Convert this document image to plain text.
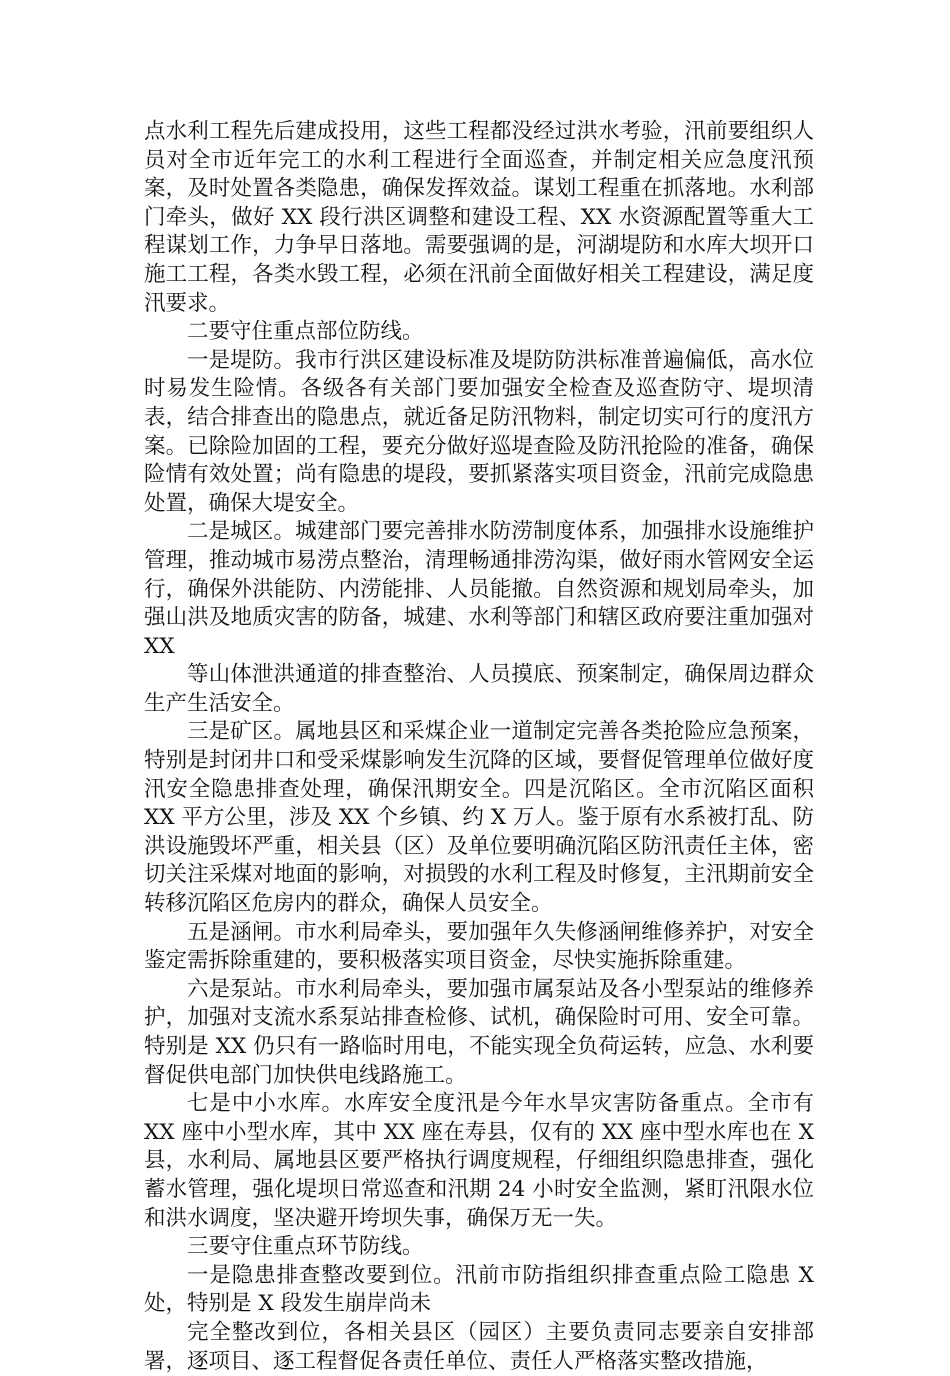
点水利工程先后建成投用，这些工程都没经过洪水考验，汛前要组织人员对全市近年完工的水利工程进行全面巡查，并制定相关应急度汛预案，及时处置各类隐患，确保发挥效益。谋划工程重在抓落地。水利部门牵头，做好 XX 段行洪区调整和建设工程、XX 水资源配置等重大工程谋划工作，力争早日落地。需要强调的是，河湖堤防和水库大坝开口施工工程，各类水毁工程，必须在汛前全面做好相关工程建设，满足度汛要求。

二要守住重点部位防线。

一是堤防。我市行洪区建设标准及堤防防洪标准普遍偏低，高水位时易发生险情。各级各有关部门要加强安全检查及巡查防守、堤坝清表，结合排查出的隐患点，就近备足防汛物料，制定切实可行的度汛方案。已除险加固的工程，要充分做好巡堤查险及防汛抢险的准备，确保险情有效处置；尚有隐患的堤段，要抓紧落实项目资金，汛前完成隐患处置，确保大堤安全。

二是城区。城建部门要完善排水防涝制度体系，加强排水设施维护管理，推动城市易涝点整治，清理畅通排涝沟渠，做好雨水管网安全运行，确保外洪能防、内涝能排、人员能撤。自然资源和规划局牵头，加强山洪及地质灾害的防备，城建、水利等部门和辖区政府要注重加强对 XX

等山体泄洪通道的排查整治、人员摸底、预案制定，确保周边群众生产生活安全。

三是矿区。属地县区和采煤企业一道制定完善各类抢险应急预案，特别是封闭井口和受采煤影响发生沉降的区域，要督促管理单位做好度汛安全隐患排查处理，确保汛期安全。四是沉陷区。全市沉陷区面积 XX 平方公里，涉及 XX 个乡镇、约 X 万人。鉴于原有水系被打乱、防洪设施毁坏严重，相关县（区）及单位要明确沉陷区防汛责任主体，密切关注采煤对地面的影响，对损毁的水利工程及时修复，主汛期前安全转移沉陷区危房内的群众，确保人员安全。

五是涵闸。市水利局牵头，要加强年久失修涵闸维修养护，对安全鉴定需拆除重建的，要积极落实项目资金，尽快实施拆除重建。

六是泵站。市水利局牵头，要加强市属泵站及各小型泵站的维修养护，加强对支流水系泵站排查检修、试机，确保险时可用、安全可靠。特别是 XX 仍只有一路临时用电，不能实现全负荷运转，应急、水利要督促供电部门加快供电线路施工。

七是中小水库。水库安全度汛是今年水旱灾害防备重点。全市有 XX 座中小型水库，其中 XX 座在寿县，仅有的 XX 座中型水库也在 X 县，水利局、属地县区要严格执行调度规程，仔细组织隐患排查，强化蓄水管理，强化堤坝日常巡查和汛期 24 小时安全监测，紧盯汛限水位和洪水调度，坚决避开垮坝失事，确保万无一失。

三要守住重点环节防线。

一是隐患排查整改要到位。汛前市防指组织排查重点险工隐患 X 处，特别是 X 段发生崩岸尚未

完全整改到位，各相关县区（园区）主要负责同志要亲自安排部署，逐项目、逐工程督促各责任单位、责任人严格落实整改措施，
